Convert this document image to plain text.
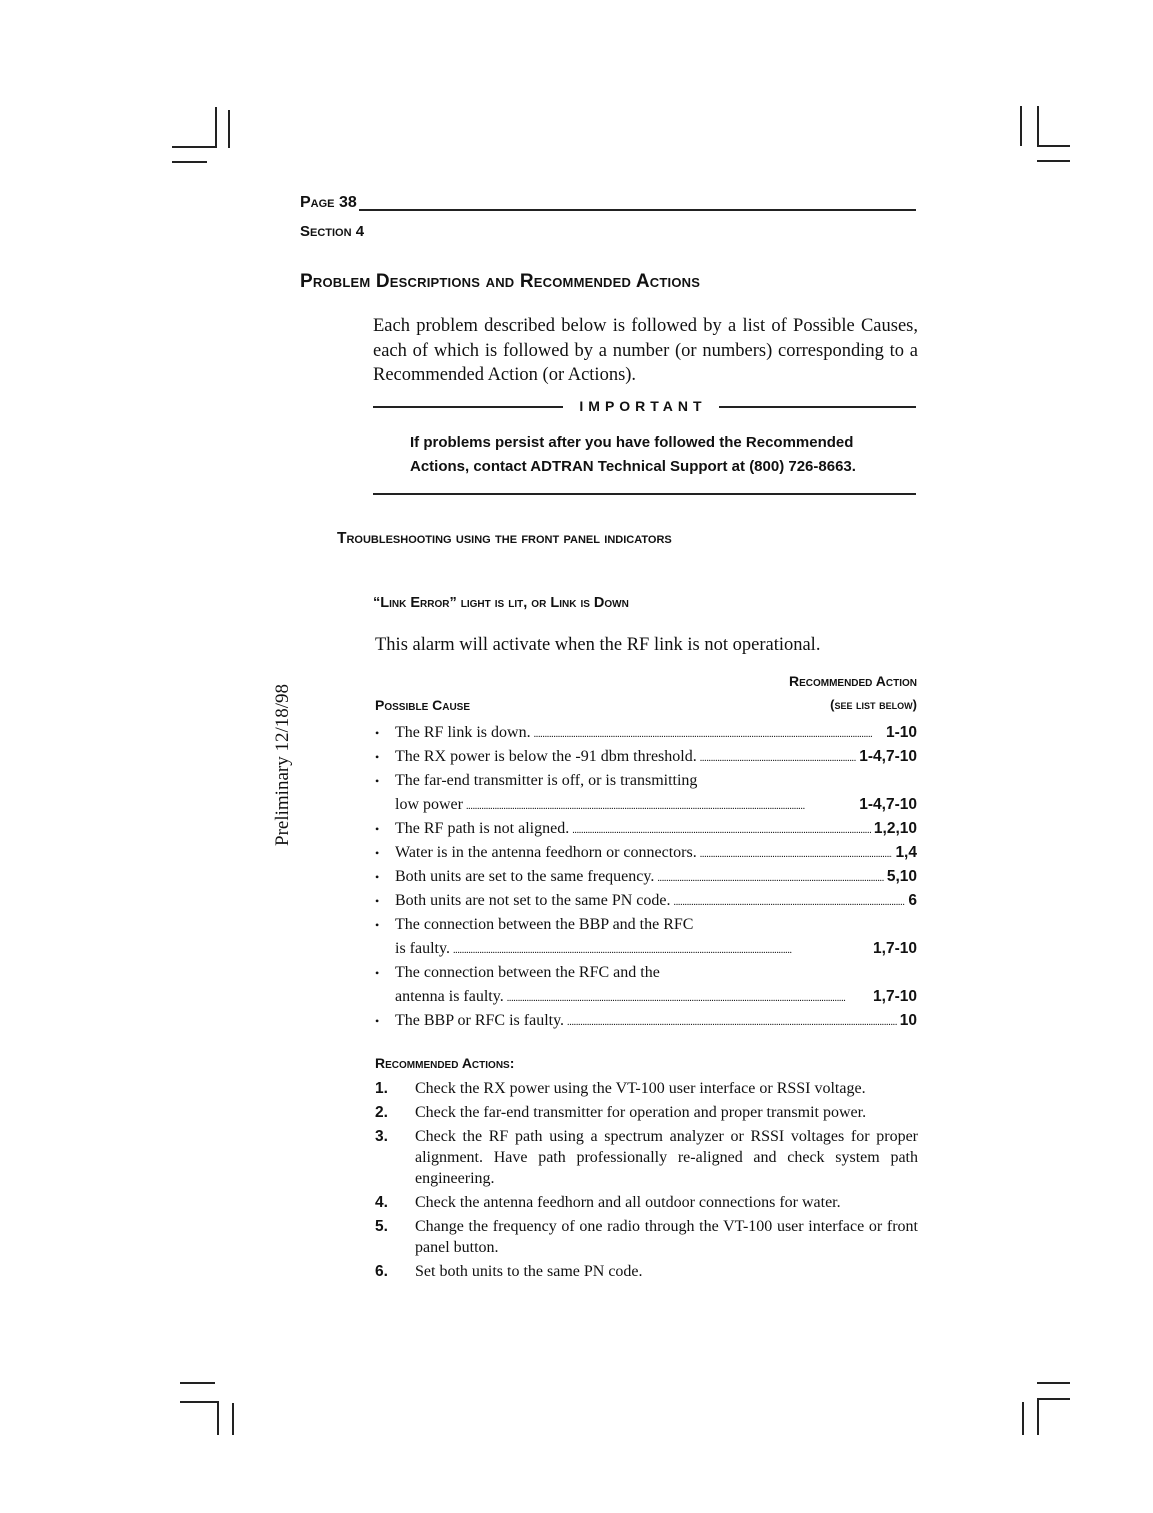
Page 38
Section 4
Problem Descriptions and Recommended Actions
Each problem described below is followed by a list of Possible Causes, each of which is followed by a number (or numbers) corresponding to a Recommended Action (or Actions).
IMPORTANT
If problems persist after you have followed the Recommended Actions, contact ADTRAN Technical Support at (800) 726-8663.
Troubleshooting using the front panel indicators
“Link Error” light is lit, or Link is Down
This alarm will activate when the RF link is not operational.
Recommended Action
(see list below)
Possible Cause
• The RF link is down. . . .	1-10
• The RX power is below the -91 dbm threshold. . . .	1-4,7-10
• The far-end transmitter is off, or is transmitting
low power . . .	1-4,7-10
• The RF path is not aligned. . . .	1,2,10
• Water is in the antenna feedhorn or connectors. . . .	1,4
• Both units are set to the same frequency. . . .	5,10
• Both units are not set to the same PN code. . . .	6
• The connection between the BBP and the RFC
is faulty. . . .	1,7-10
• The connection between the RFC and the
antenna is faulty. . . .	1,7-10
• The BBP or RFC is faulty. . . .	10
Recommended Actions:
1.	Check the RX power using the VT-100 user interface or RSSI voltage.
2.	Check the far-end transmitter for operation and proper transmit power.
3.	Check the RF path using a spectrum analyzer or RSSI voltages for proper alignment. Have path professionally re-aligned and check system path engineering.
4.	Check the antenna feedhorn and all outdoor connections for water.
5.	Change the frequency of one radio through the VT-100 user interface or front panel button.
6.	Set both units to the same PN code.
Preliminary 12/18/98
